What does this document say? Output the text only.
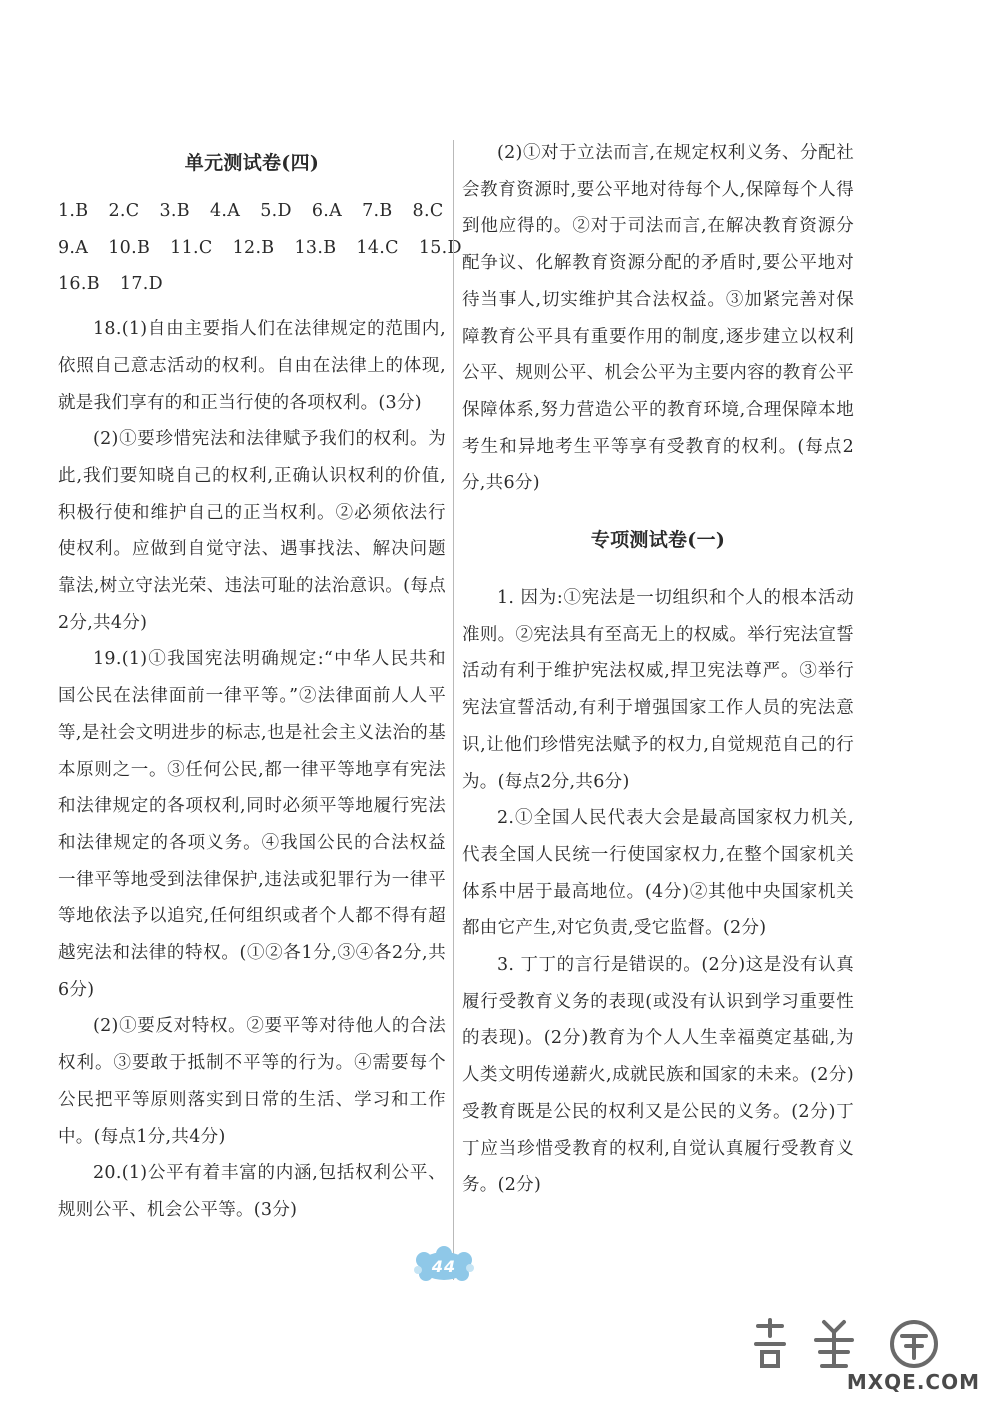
单元测试卷(四)
1.B 2.C 3.B 4.A 5.D 6.A 7.B 8.C
9.A 10.B 11.C 12.B 13.B 14.C 15.D
16.B 17.D

18.(1)自由主要指人们在法律规定的范围内,依照自己意志活动的权利。自由在法律上的体现,就是我们享有的和正当行使的各项权利。(3分)

(2)①要珍惜宪法和法律赋予我们的权利。为此,我们要知晓自己的权利,正确认识权利的价值,积极行使和维护自己的正当权利。②必须依法行使权利。应做到自觉守法、遇事找法、解决问题靠法,树立守法光荣、违法可耻的法治意识。(每点2分,共4分)

19.(1)①我国宪法明确规定:“中华人民共和国公民在法律面前一律平等。”②法律面前人人平等,是社会文明进步的标志,也是社会主义法治的基本原则之一。③任何公民,都一律平等地享有宪法和法律规定的各项权利,同时必须平等地履行宪法和法律规定的各项义务。④我国公民的合法权益一律平等地受到法律保护,违法或犯罪行为一律平等地依法予以追究,任何组织或者个人都不得有超越宪法和法律的特权。(①②各1分,③④各2分,共6分)

(2)①要反对特权。②要平等对待他人的合法权利。③要敢于抵制不平等的行为。④需要每个公民把平等原则落实到日常的生活、学习和工作中。(每点1分,共4分)

20.(1)公平有着丰富的内涵,包括权利公平、规则公平、机会公平等。(3分)

(2)①对于立法而言,在规定权利义务、分配社会教育资源时,要公平地对待每个人,保障每个人得到他应得的。②对于司法而言,在解决教育资源分配争议、化解教育资源分配的矛盾时,要公平地对待当事人,切实维护其合法权益。③加紧完善对保障教育公平具有重要作用的制度,逐步建立以权利公平、规则公平、机会公平为主要内容的教育公平保障体系,努力营造公平的教育环境,合理保障本地考生和异地考生平等享有受教育的权利。(每点2分,共6分)

专项测试卷(一)

1. 因为:①宪法是一切组织和个人的根本活动准则。②宪法具有至高无上的权威。举行宪法宣誓活动有利于维护宪法权威,捍卫宪法尊严。③举行宪法宣誓活动,有利于增强国家工作人员的宪法意识,让他们珍惜宪法赋予的权力,自觉规范自己的行为。(每点2分,共6分)

2.①全国人民代表大会是最高国家权力机关,代表全国人民统一行使国家权力,在整个国家机关体系中居于最高地位。(4分)②其他中央国家机关都由它产生,对它负责,受它监督。(2分)

3. 丁丁的言行是错误的。(2分)这是没有认真履行受教育义务的表现(或没有认识到学习重要性的表现)。(2分)教育为个人人生幸福奠定基础,为人类文明传递薪火,成就民族和国家的未来。(2分)受教育既是公民的权利又是公民的义务。(2分)丁丁应当珍惜受教育的权利,自觉认真履行受教育义务。(2分)

44
MXQE.COM
